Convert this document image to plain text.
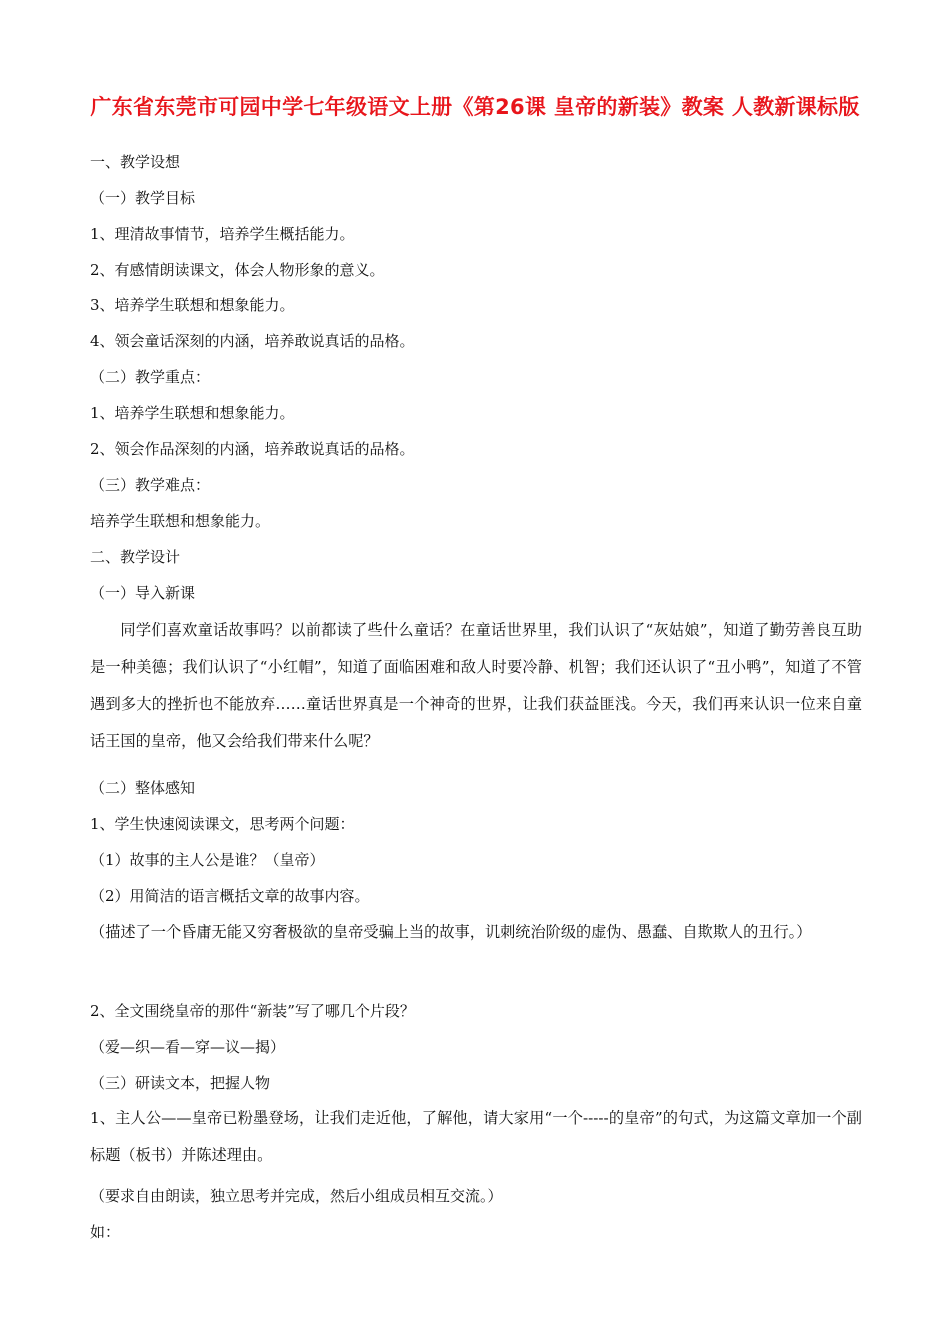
广东省东莞市可园中学七年级语文上册《第26课 皇帝的新装》教案 人教新课标版
一、教学设想
（一）教学目标
1、理清故事情节，培养学生概括能力。
2、有感情朗读课文，体会人物形象的意义。
3、培养学生联想和想象能力。
4、领会童话深刻的内涵，培养敢说真话的品格。
（二）教学重点：
1、培养学生联想和想象能力。
2、领会作品深刻的内涵，培养敢说真话的品格。
（三）教学难点：
培养学生联想和想象能力。
二、教学设计
（一）导入新课
同学们喜欢童话故事吗？以前都读了些什么童话？在童话世界里，我们认识了“灰姑娘”，知道了勤劳善良互助是一种美德；我们认识了“小红帽”，知道了面临困难和敌人时要冷静、机智；我们还认识了“丑小鸭”，知道了不管遇到多大的挫折也不能放弃……童话世界真是一个神奇的世界，让我们获益匪浅。今天，我们再来认识一位来自童话王国的皇帝，他又会给我们带来什么呢？
（二）整体感知
1、学生快速阅读课文，思考两个问题：
（1）故事的主人公是谁？（皇帝）
（2）用简洁的语言概括文章的故事内容。
（描述了一个昏庸无能又穷奢极欲的皇帝受骗上当的故事，讥刺统治阶级的虚伪、愚蠢、自欺欺人的丑行。）
2、全文围绕皇帝的那件“新装”写了哪几个片段？
（爱—织—看—穿—议—揭）
（三）研读文本，把握人物
1、主人公——皇帝已粉墨登场，让我们走近他，了解他，请大家用“一个-----的皇帝”的句式，为这篇文章加一个副标题（板书）并陈述理由。
（要求自由朗读，独立思考并完成，然后小组成员相互交流。）
如：
